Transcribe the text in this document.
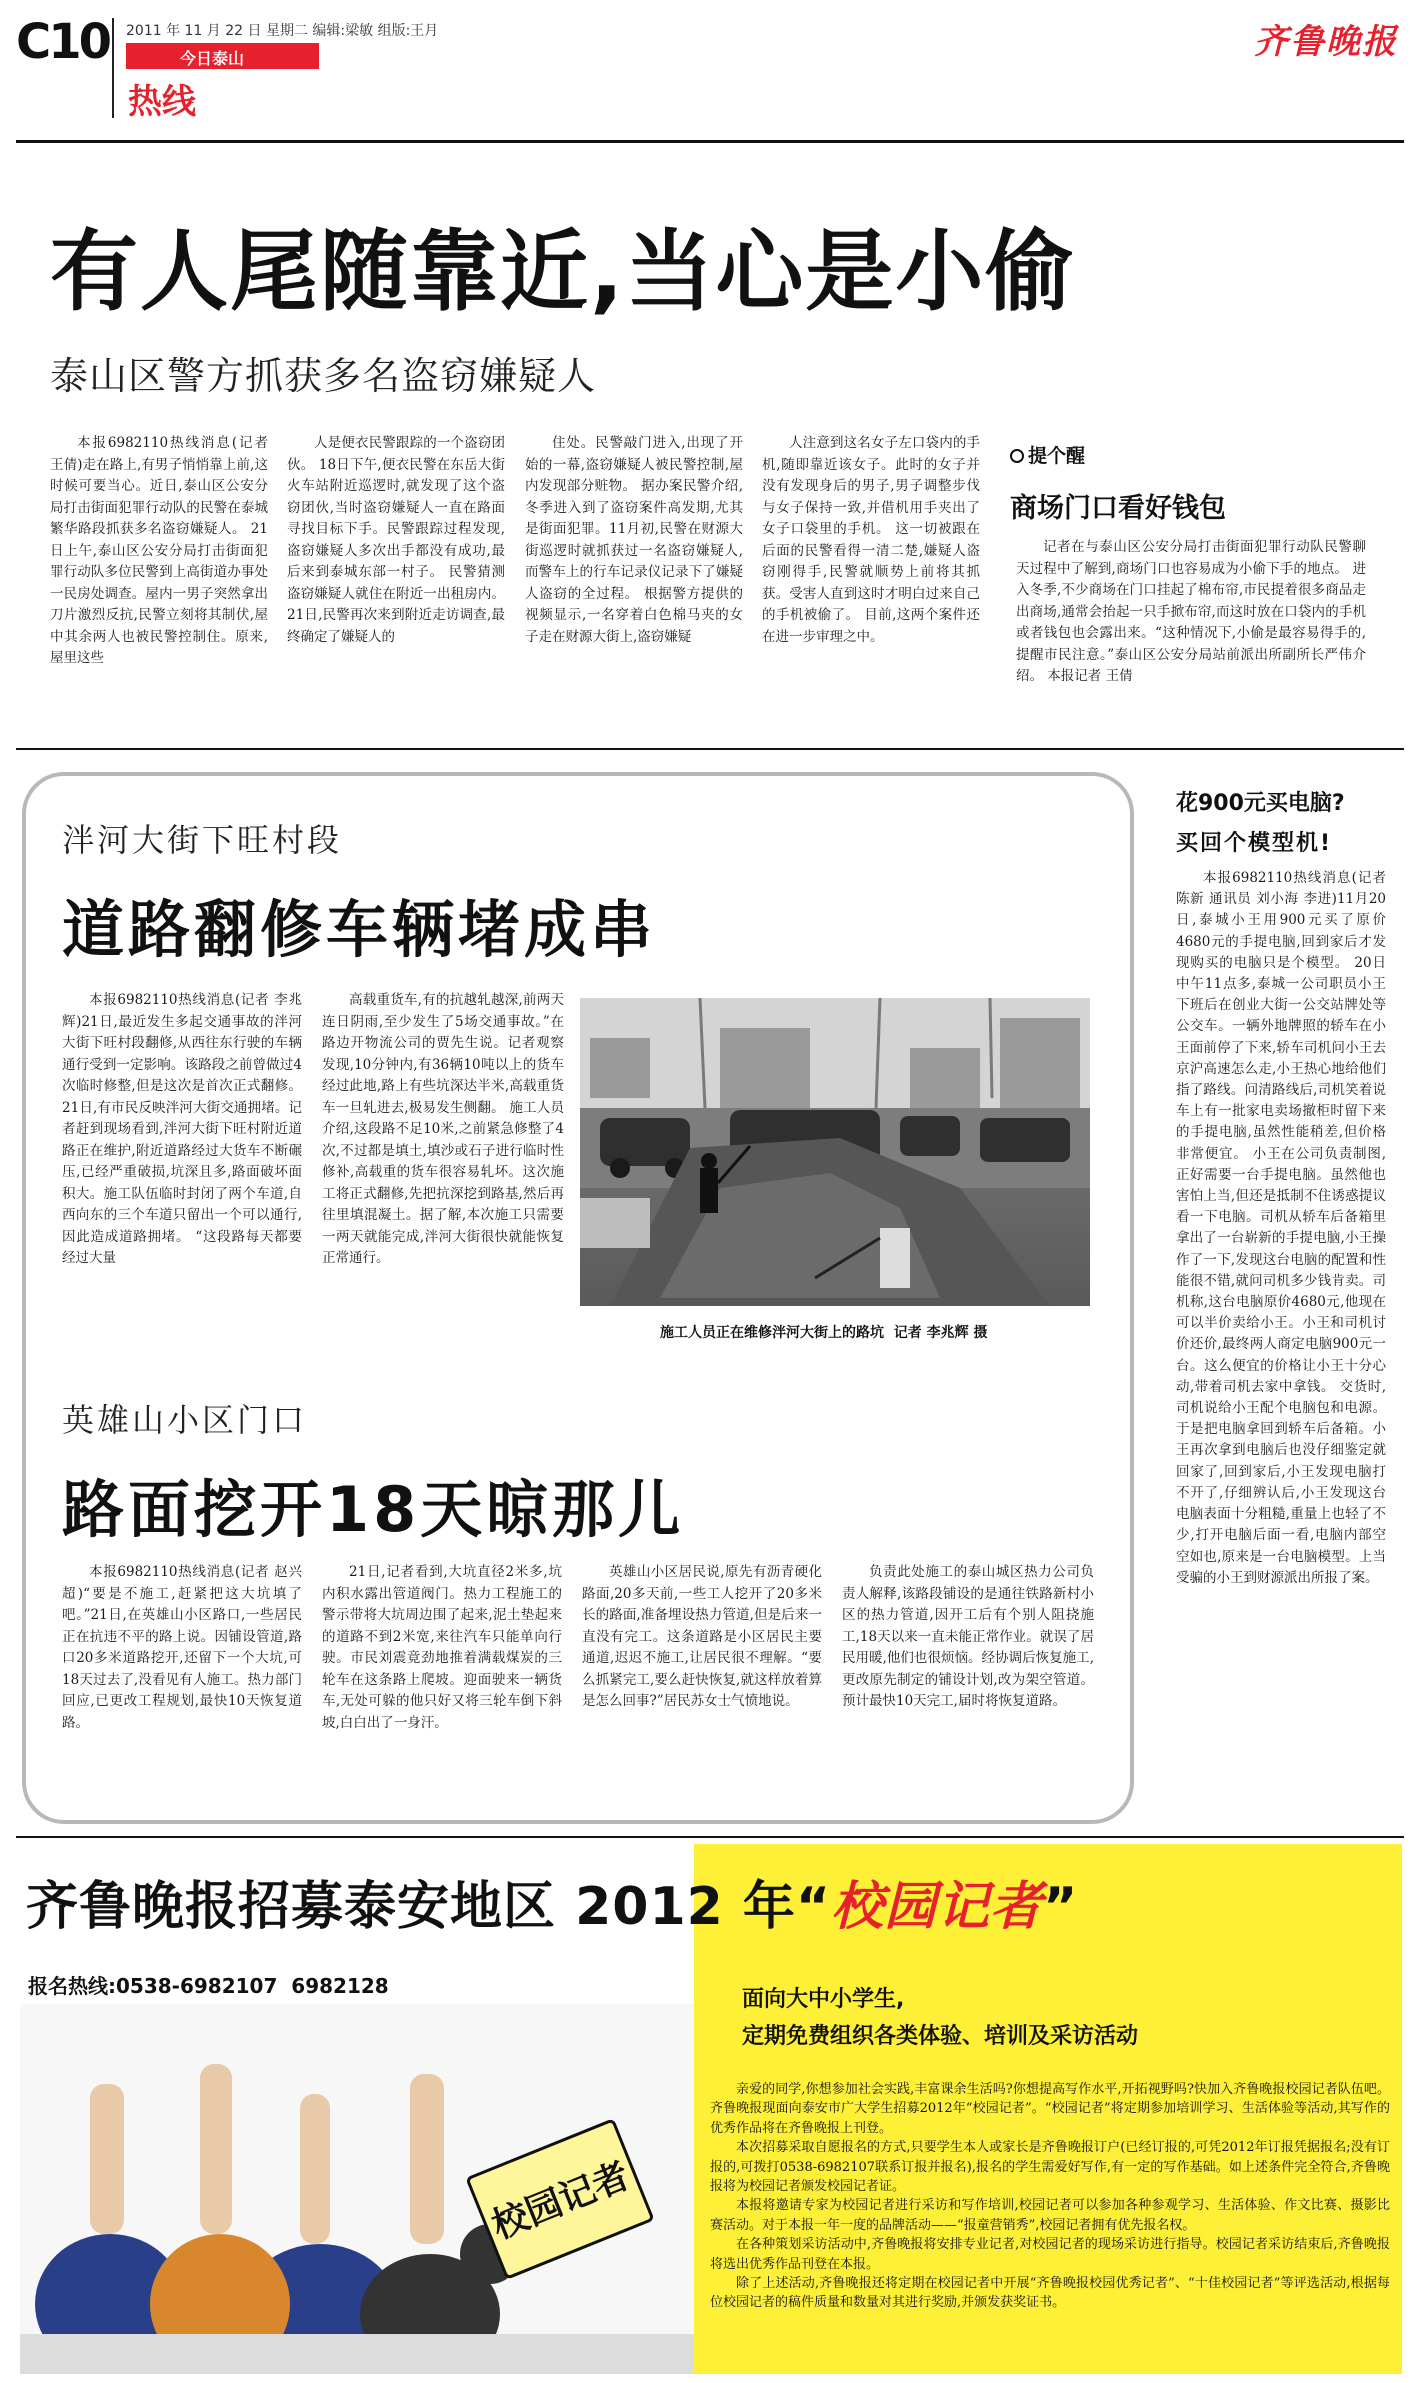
C10 2011 年 11 月 22 日 星期二 编辑:梁敏 组版:王月
今日泰山
热线
齐鲁晚报
有人尾随靠近,当心是小偷
泰山区警方抓获多名盗窃嫌疑人

本报6982110热线消息(记者 王倩)走在路上,有男子悄悄靠上前,这时候可要当心。近日,泰山区公安分局打击街面犯罪行动队的民警在泰城繁华路段抓获多名盗窃嫌疑人。 21日上午,泰山区公安分局打击街面犯罪行动队多位民警到上高街道办事处一民房处调查。屋内一男子突然拿出刀片激烈反抗,民警立刻将其制伏,屋中其余两人也被民警控制住。原来,屋里这些

人是便衣民警跟踪的一个盗窃团伙。 18日下午,便衣民警在东岳大街火车站附近巡逻时,就发现了这个盗窃团伙,当时盗窃嫌疑人一直在路面寻找目标下手。民警跟踪过程发现,盗窃嫌疑人多次出手都没有成功,最后来到泰城东部一村子。 民警猜测盗窃嫌疑人就住在附近一出租房内。21日,民警再次来到附近走访调查,最终确定了嫌疑人的

住处。民警敲门进入,出现了开始的一幕,盗窃嫌疑人被民警控制,屋内发现部分赃物。 据办案民警介绍,冬季进入到了盗窃案件高发期,尤其是街面犯罪。11月初,民警在财源大街巡逻时就抓获过一名盗窃嫌疑人,而警车上的行车记录仪记录下了嫌疑人盗窃的全过程。 根据警方提供的视频显示,一名穿着白色棉马夹的女子走在财源大街上,盗窃嫌疑

人注意到这名女子左口袋内的手机,随即靠近该女子。此时的女子并没有发现身后的男子,男子调整步伐与女子保持一致,并借机用手夹出了女子口袋里的手机。 这一切被跟在后面的民警看得一清二楚,嫌疑人盗窃刚得手,民警就顺势上前将其抓获。受害人直到这时才明白过来自己的手机被偷了。 目前,这两个案件还在进一步审理之中。

提个醒
商场门口看好钱包

记者在与泰山区公安分局打击街面犯罪行动队民警聊天过程中了解到,商场门口也容易成为小偷下手的地点。 进入冬季,不少商场在门口挂起了棉布帘,市民提着很多商品走出商场,通常会抬起一只手掀布帘,而这时放在口袋内的手机或者钱包也会露出来。“这种情况下,小偷是最容易得手的,提醒市民注意。”泰山区公安分局站前派出所副所长严伟介绍。 本报记者 王倩

泮河大街下旺村段
道路翻修车辆堵成串

本报6982110热线消息(记者 李兆辉)21日,最近发生多起交通事故的泮河大街下旺村段翻修,从西往东行驶的车辆通行受到一定影响。该路段之前曾做过4次临时修整,但是这次是首次正式翻修。 21日,有市民反映泮河大街交通拥堵。记者赶到现场看到,泮河大街下旺村附近道路正在维护,附近道路经过大货车不断碾压,已经严重破损,坑深且多,路面破坏面积大。施工队伍临时封闭了两个车道,自西向东的三个车道只留出一个可以通行,因此造成道路拥堵。 “这段路每天都要经过大量

高载重货车,有的抗越轧越深,前两天连日阴雨,至少发生了5场交通事故。”在路边开物流公司的贾先生说。记者观察发现,10分钟内,有36辆10吨以上的货车经过此地,路上有些坑深达半米,高载重货车一旦轧进去,极易发生侧翻。 施工人员介绍,这段路不足10米,之前紧急修整了4次,不过都是填土,填沙或石子进行临时性修补,高载重的货车很容易轧坏。这次施工将正式翻修,先把抗深挖到路基,然后再往里填混凝土。据了解,本次施工只需要一两天就能完成,泮河大街很快就能恢复正常通行。

施工人员正在维修泮河大街上的路坑  记者 李兆辉 摄
英雄山小区门口
路面挖开18天晾那儿

本报6982110热线消息(记者 赵兴超)“要是不施工,赶紧把这大坑填了吧。”21日,在英雄山小区路口,一些居民正在抗违不平的路上说。因铺设管道,路口20多米道路挖开,还留下一个大坑,可18天过去了,没看见有人施工。热力部门回应,已更改工程规划,最快10天恢复道路。

21日,记者看到,大坑直径2米多,坑内积水露出管道阀门。热力工程施工的警示带将大坑周边围了起来,泥土垫起来的道路不到2米宽,来往汽车只能单向行驶。市民刘震竟劲地推着满载煤炭的三轮车在这条路上爬坡。迎面驶来一辆货车,无处可躲的他只好又将三轮车倒下斜坡,白白出了一身汗。

英雄山小区居民说,原先有沥青硬化路面,20多天前,一些工人挖开了20多米长的路面,准备埋设热力管道,但是后来一直没有完工。这条道路是小区居民主要通道,迟迟不施工,让居民很不理解。“要么抓紧完工,要么赶快恢复,就这样放着算是怎么回事?”居民苏女士气愤地说。

负责此处施工的泰山城区热力公司负责人解释,该路段铺设的是通往铁路新村小区的热力管道,因开工后有个别人阻挠施工,18天以来一直未能正常作业。就误了居民用暖,他们也很烦恼。经协调后恢复施工,更改原先制定的铺设计划,改为架空管道。预计最快10天完工,届时将恢复道路。

花900元买电脑?
买回个模型机!

本报6982110热线消息(记者 陈新 通讯员 刘小海 李进)11月20日,泰城小王用900元买了原价4680元的手提电脑,回到家后才发现购买的电脑只是个模型。 20日中午11点多,泰城一公司职员小王下班后在创业大街一公交站牌处等公交车。一辆外地牌照的轿车在小王面前停了下来,轿车司机问小王去京沪高速怎么走,小王热心地给他们指了路线。问清路线后,司机笑着说车上有一批家电卖场撤柜时留下来的手提电脑,虽然性能稍差,但价格非常便宜。 小王在公司负责制图,正好需要一台手提电脑。虽然他也害怕上当,但还是抵制不住诱惑提议看一下电脑。司机从轿车后备箱里拿出了一台崭新的手提电脑,小王操作了一下,发现这台电脑的配置和性能很不错,就问司机多少钱肯卖。司机称,这台电脑原价4680元,他现在可以半价卖给小王。小王和司机讨价还价,最终两人商定电脑900元一台。这么便宜的价格让小王十分心动,带着司机去家中拿钱。 交货时,司机说给小王配个电脑包和电源。于是把电脑拿回到轿车后备箱。小王再次拿到电脑后也没仔细鉴定就回家了,回到家后,小王发现电脑打不开了,仔细辨认后,小王发现这台电脑表面十分粗糙,重量上也轻了不少,打开电脑后面一看,电脑内部空空如也,原来是一台电脑模型。上当受骗的小王到财源派出所报了案。

齐鲁晚报招募泰安地区 2012 年“校园记者”
报名热线:0538-6982107  6982128
校园记者
面向大中小学生,
定期免费组织各类体验、培训及采访活动

亲爱的同学,你想参加社会实践,丰富课余生活吗?你想提高写作水平,开拓视野吗?快加入齐鲁晚报校园记者队伍吧。齐鲁晚报现面向泰安市广大学生招募2012年“校园记者”。“校园记者”将定期参加培训学习、生活体验等活动,其写作的优秀作品将在齐鲁晚报上刊登。

本次招募采取自愿报名的方式,只要学生本人或家长是齐鲁晚报订户(已经订报的,可凭2012年订报凭据报名;没有订报的,可拨打0538-6982107联系订报并报名),报名的学生需爱好写作,有一定的写作基础。如上述条件完全符合,齐鲁晚报将为校园记者颁发校园记者证。

本报将邀请专家为校园记者进行采访和写作培训,校园记者可以参加各种参观学习、生活体验、作文比赛、摄影比赛活动。对于本报一年一度的品牌活动——“报童营销秀”,校园记者拥有优先报名权。

在各种策划采访活动中,齐鲁晚报将安排专业记者,对校园记者的现场采访进行指导。校园记者采访结束后,齐鲁晚报将选出优秀作品刊登在本报。

除了上述活动,齐鲁晚报还将定期在校园记者中开展“齐鲁晚报校园优秀记者”、“十佳校园记者”等评选活动,根据每位校园记者的稿件质量和数量对其进行奖励,并颁发获奖证书。
